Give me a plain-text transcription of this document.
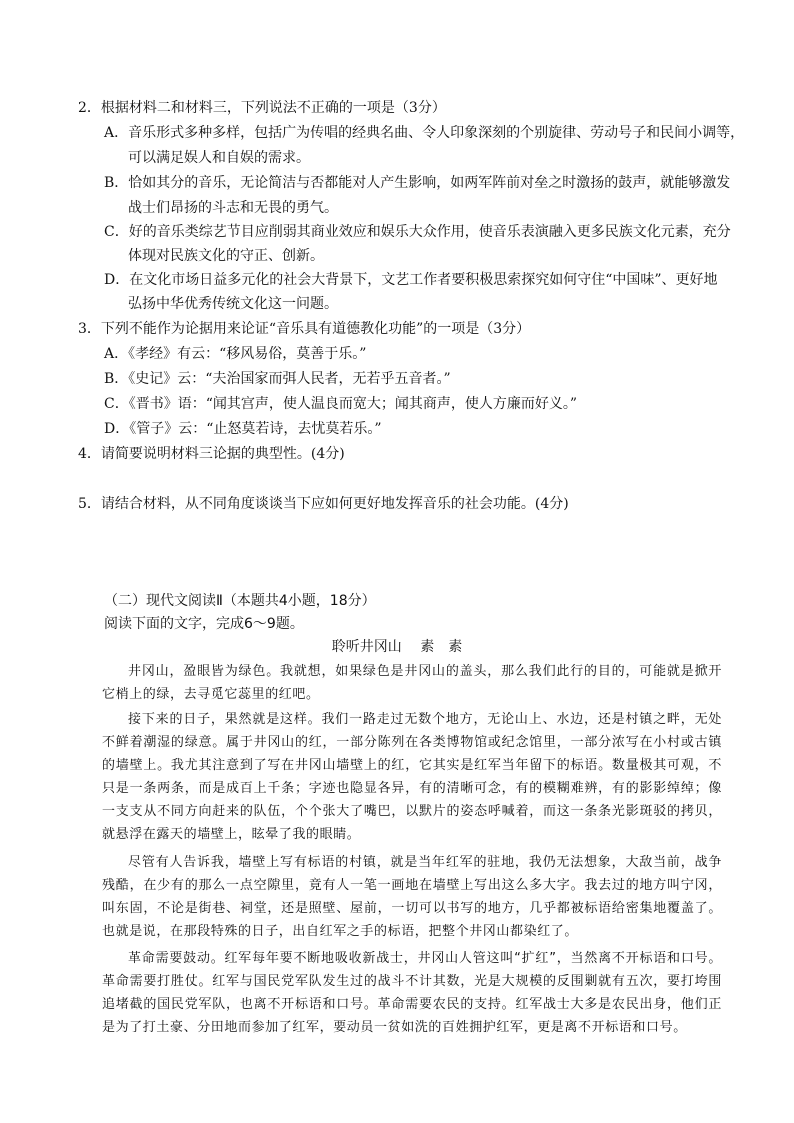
2．根据材料二和材料三，下列说法不正确的一项是（3分）
A．音乐形式多种多样，包括广为传唱的经典名曲、令人印象深刻的个别旋律、劳动号子和民间小调等，
可以满足娱人和自娱的需求。
B．恰如其分的音乐，无论简洁与否都能对人产生影响，如两军阵前对垒之时激扬的鼓声，就能够激发
战士们昂扬的斗志和无畏的勇气。
C．好的音乐类综艺节目应削弱其商业效应和娱乐大众作用，使音乐表演融入更多民族文化元素，充分
体现对民族文化的守正、创新。
D．在文化市场日益多元化的社会大背景下，文艺工作者要积极思索探究如何守住“中国味”、更好地
弘扬中华优秀传统文化这一问题。
3．下列不能作为论据用来论证“音乐具有道德教化功能”的一项是（3分）
A．《孝经》有云：“移风易俗，莫善于乐。”
B．《史记》云：“夫治国家而弭人民者，无若乎五音者。”
C．《晋书》语：“闻其宫声，使人温良而宽大；闻其商声，使人方廉而好义。”
D．《管子》云：“止怒莫若诗，去忧莫若乐。”
4．请简要说明材料三论据的典型性。(4分)
5．请结合材料，从不同角度谈谈当下应如何更好地发挥音乐的社会功能。(4分)
（二）现代文阅读Ⅱ（本题共4小题，18分）
阅读下面的文字，完成6～9题。
聆听井冈山　 素　素
井冈山，盈眼皆为绿色。我就想，如果绿色是井冈山的盖头，那么我们此行的目的，可能就是掀开它梢上的绿，去寻觅它蕊里的红吧。
接下来的日子，果然就是这样。我们一路走过无数个地方，无论山上、水边，还是村镇之畔，无处不鲜着潮湿的绿意。属于井冈山的红，一部分陈列在各类博物馆或纪念馆里，一部分浓写在小村或古镇的墙壁上。我尤其注意到了写在井冈山墙壁上的红，它其实是红军当年留下的标语。数量极其可观，不只是一条两条，而是成百上千条；字迹也隐显各异，有的清晰可念，有的模糊难辨，有的影影绰绰；像一支支从不同方向赶来的队伍，个个张大了嘴巴，以默片的姿态呼喊着，而这一条条光影斑驳的拷贝，就悬浮在露天的墙壁上，眩晕了我的眼睛。
尽管有人告诉我，墙壁上写有标语的村镇，就是当年红军的驻地，我仍无法想象，大敌当前，战争残酷，在少有的那么一点空隙里，竟有人一笔一画地在墙壁上写出这么多大字。我去过的地方叫宁冈，叫东固，不论是街巷、祠堂，还是照壁、屋前，一切可以书写的地方，几乎都被标语给密集地覆盖了。也就是说，在那段特殊的日子，出自红军之手的标语，把整个井冈山都染红了。
革命需要鼓动。红军每年要不断地吸收新战士，井冈山人管这叫“扩红”，当然离不开标语和口号。革命需要打胜仗。红军与国民党军队发生过的战斗不计其数，光是大规模的反围剿就有五次，要打垮围追堵截的国民党军队，也离不开标语和口号。革命需要农民的支持。红军战士大多是农民出身，他们正是为了打土豪、分田地而参加了红军，要动员一贫如洗的百姓拥护红军，更是离不开标语和口号。
